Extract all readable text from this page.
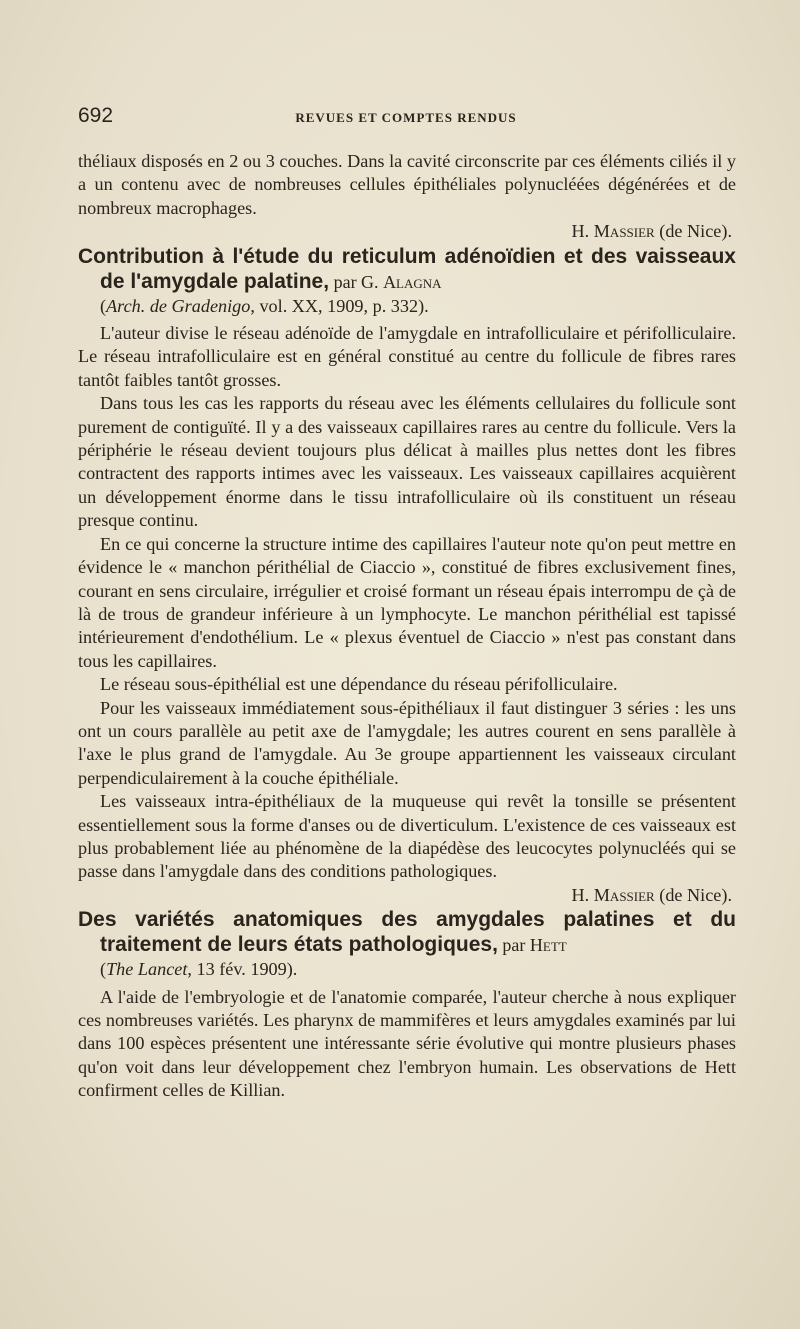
692	REVUES ET COMPTES RENDUS

théliaux disposés en 2 ou 3 couches. Dans la cavité circonscrite par ces éléments ciliés il y a un contenu avec de nombreuses cellules épithéliales polynucléées dégénérées et de nombreux macrophages.

H. Massier (de Nice).

Contribution à l'étude du reticulum adénoïdien et des vaisseaux de l'amygdale palatine, par G. Alagna

(Arch. de Gradenigo, vol. XX, 1909, p. 332).

L'auteur divise le réseau adénoïde de l'amygdale en intrafolliculaire et périfolliculaire. Le réseau intrafolliculaire est en général constitué au centre du follicule de fibres rares tantôt faibles tantôt grosses.

Dans tous les cas les rapports du réseau avec les éléments cellulaires du follicule sont purement de contiguïté. Il y a des vaisseaux capillaires rares au centre du follicule. Vers la périphérie le réseau devient toujours plus délicat à mailles plus nettes dont les fibres contractent des rapports intimes avec les vaisseaux. Les vaisseaux capillaires acquièrent un développement énorme dans le tissu intrafolliculaire où ils constituent un réseau presque continu.

En ce qui concerne la structure intime des capillaires l'auteur note qu'on peut mettre en évidence le « manchon périthélial de Ciaccio », constitué de fibres exclusivement fines, courant en sens circulaire, irrégulier et croisé formant un réseau épais interrompu de çà de là de trous de grandeur inférieure à un lymphocyte. Le manchon périthélial est tapissé intérieurement d'endothélium. Le « plexus éventuel de Ciaccio » n'est pas constant dans tous les capillaires.

Le réseau sous-épithélial est une dépendance du réseau périfolliculaire.

Pour les vaisseaux immédiatement sous-épithéliaux il faut distinguer 3 séries : les uns ont un cours parallèle au petit axe de l'amygdale; les autres courent en sens parallèle à l'axe le plus grand de l'amygdale. Au 3e groupe appartiennent les vaisseaux circulant perpendiculairement à la couche épithéliale.

Les vaisseaux intra-épithéliaux de la muqueuse qui revêt la tonsille se présentent essentiellement sous la forme d'anses ou de diverticulum. L'existence de ces vaisseaux est plus probablement liée au phénomène de la diapédèse des leucocytes polynucléés qui se passe dans l'amygdale dans des conditions pathologiques.

H. Massier (de Nice).

Des variétés anatomiques des amygdales palatines et du traitement de leurs états pathologiques, par Hett

(The Lancet, 13 fév. 1909).

A l'aide de l'embryologie et de l'anatomie comparée, l'auteur cherche à nous expliquer ces nombreuses variétés. Les pharynx de mammifères et leurs amygdales examinés par lui dans 100 espèces présentent une intéressante série évolutive qui montre plusieurs phases qu'on voit dans leur développement chez l'embryon humain. Les observations de Hett confirment celles de Killian.
